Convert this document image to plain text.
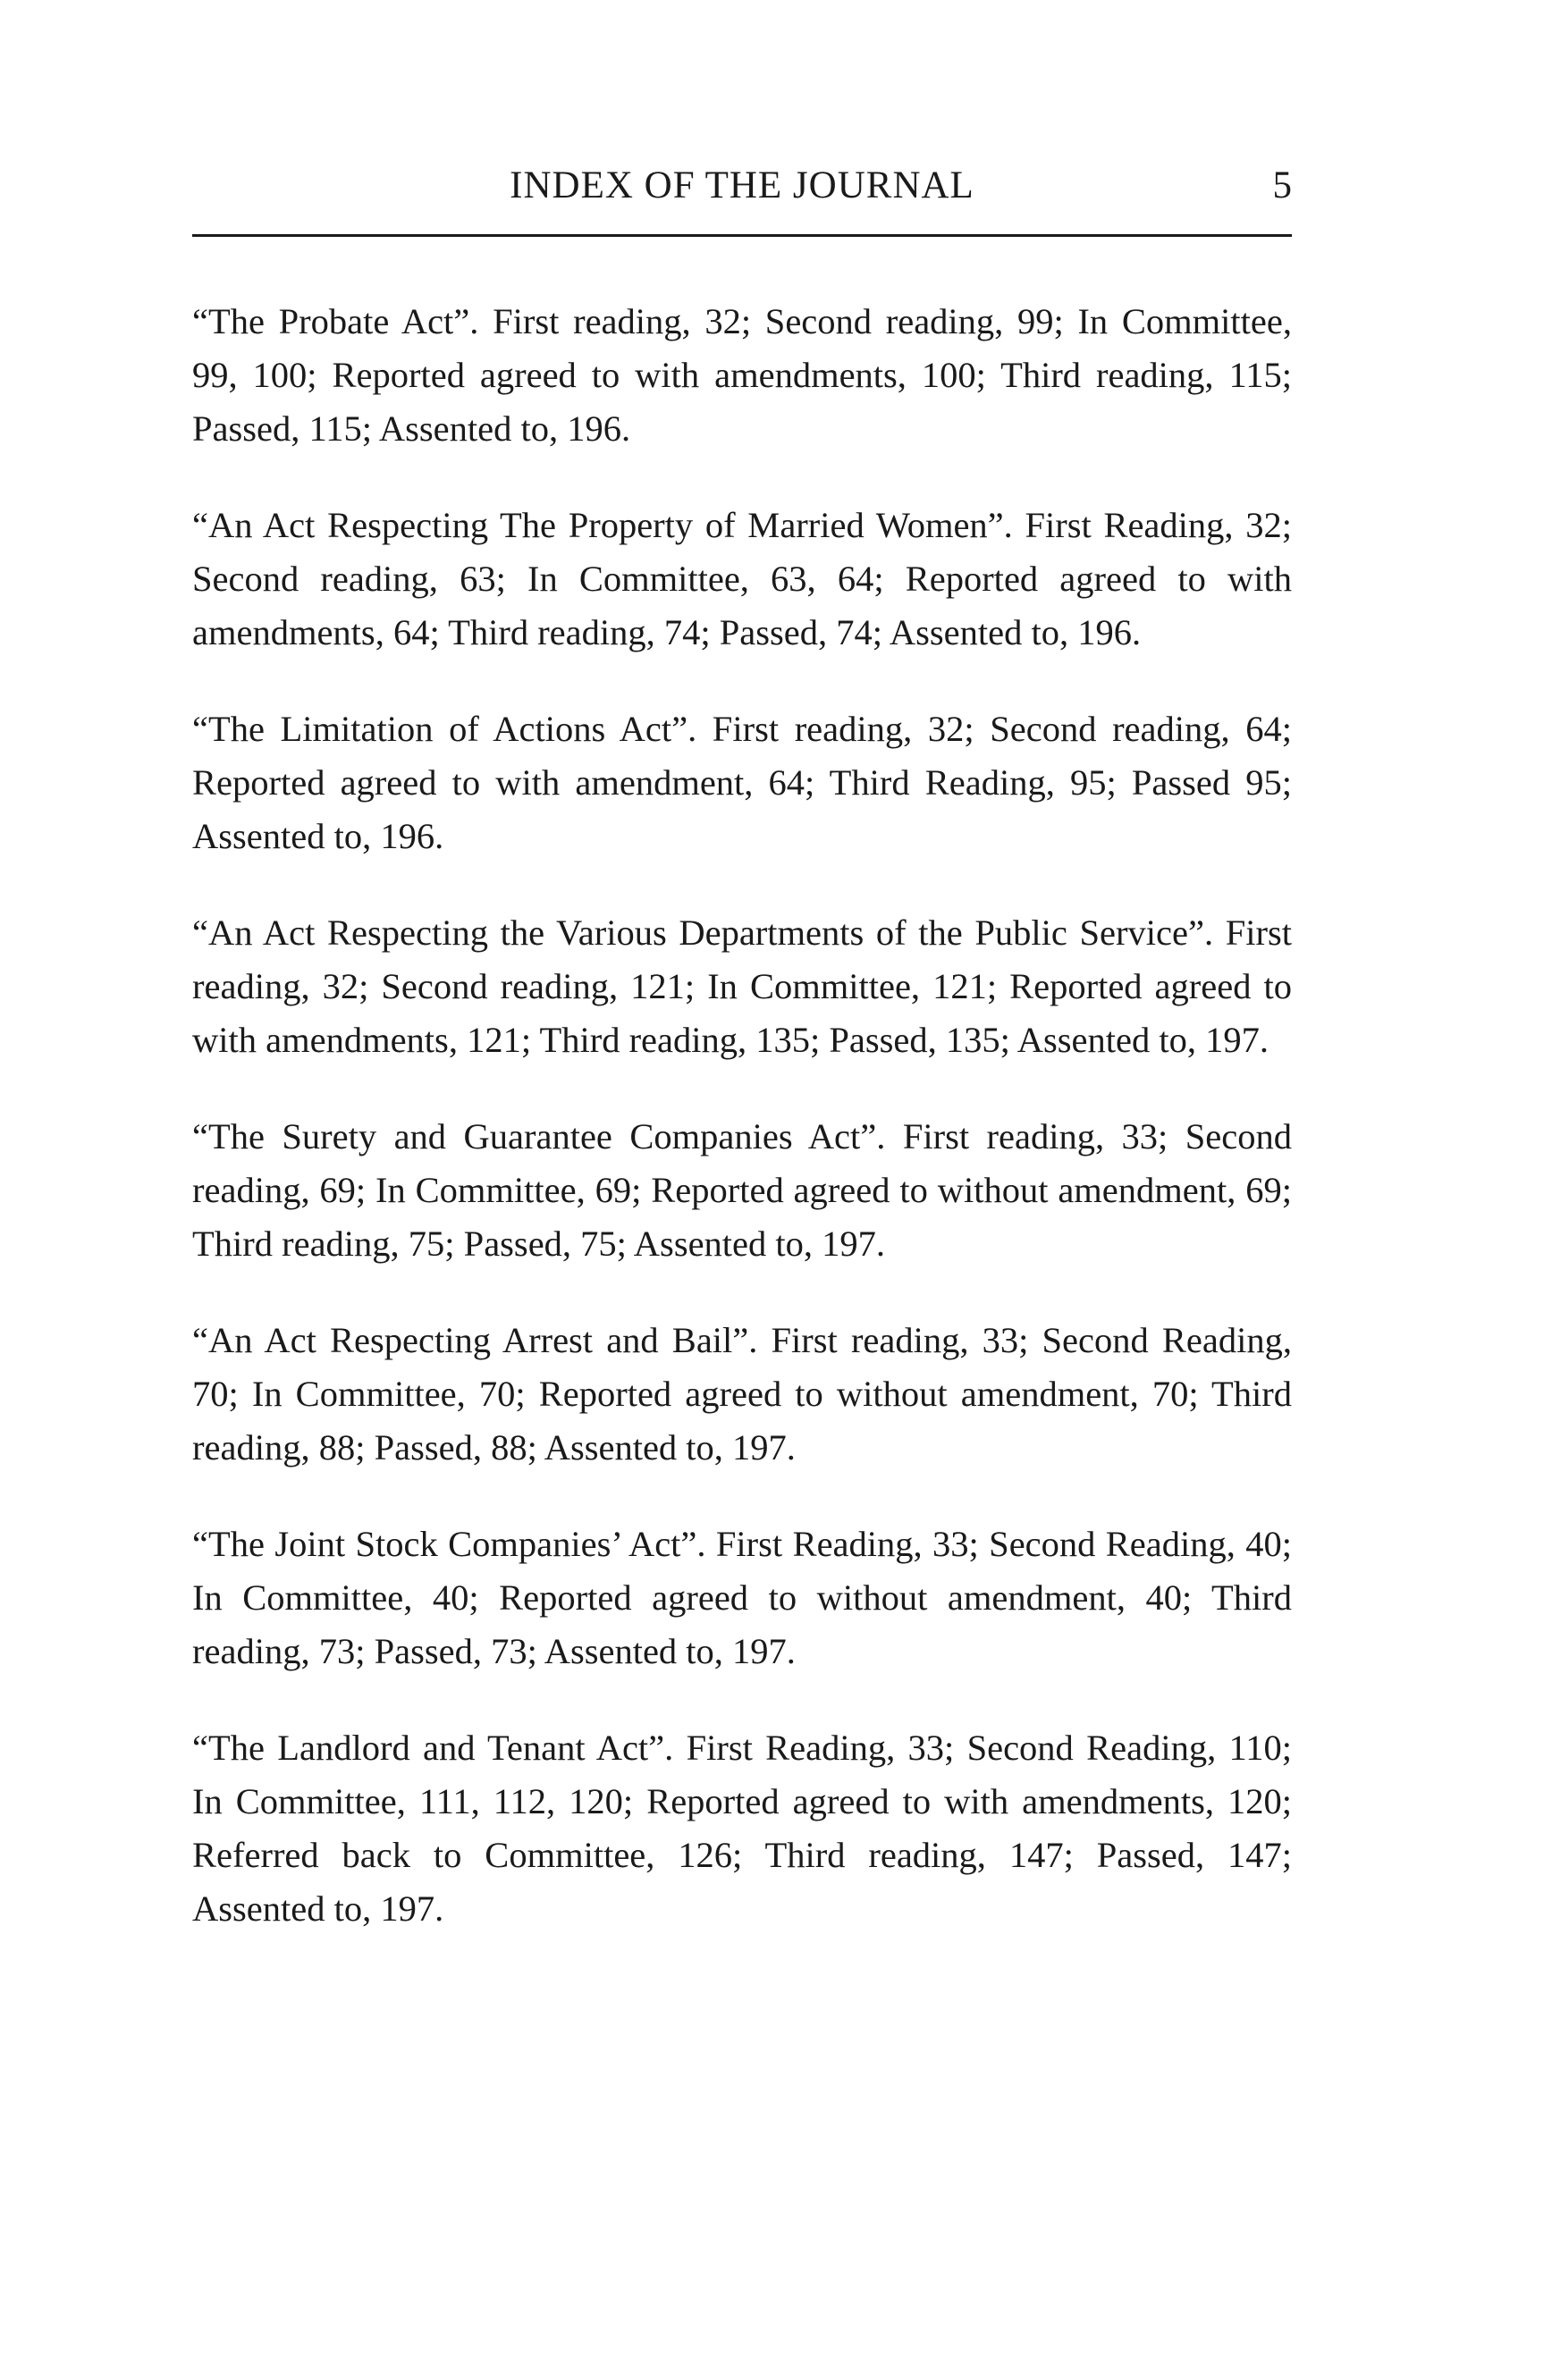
INDEX OF THE JOURNAL	5

“The Probate Act”. First reading, 32; Second reading, 99; In Committee, 99, 100; Reported agreed to with amendments, 100; Third reading, 115; Passed, 115; Assented to, 196.

“An Act Respecting The Property of Married Women”. First Reading, 32; Second reading, 63; In Committee, 63, 64; Reported agreed to with amendments, 64; Third reading, 74; Passed, 74; Assented to, 196.

“The Limitation of Actions Act”. First reading, 32; Second reading, 64; Reported agreed to with amendment, 64; Third Reading, 95; Passed 95; Assented to, 196.

“An Act Respecting the Various Departments of the Public Service”. First reading, 32; Second reading, 121; In Committee, 121; Reported agreed to with amendments, 121; Third reading, 135; Passed, 135; Assented to, 197.

“The Surety and Guarantee Companies Act”. First reading, 33; Second reading, 69; In Committee, 69; Reported agreed to without amendment, 69; Third reading, 75; Passed, 75; Assented to, 197.

“An Act Respecting Arrest and Bail”. First reading, 33; Second Reading, 70; In Committee, 70; Reported agreed to without amendment, 70; Third reading, 88; Passed, 88; Assented to, 197.

“The Joint Stock Companies’ Act”. First Reading, 33; Second Reading, 40; In Committee, 40; Reported agreed to without amendment, 40; Third reading, 73; Passed, 73; Assented to, 197.

“The Landlord and Tenant Act”. First Reading, 33; Second Reading, 110; In Committee, 111, 112, 120; Reported agreed to with amendments, 120; Referred back to Committee, 126; Third reading, 147; Passed, 147; Assented to, 197.
